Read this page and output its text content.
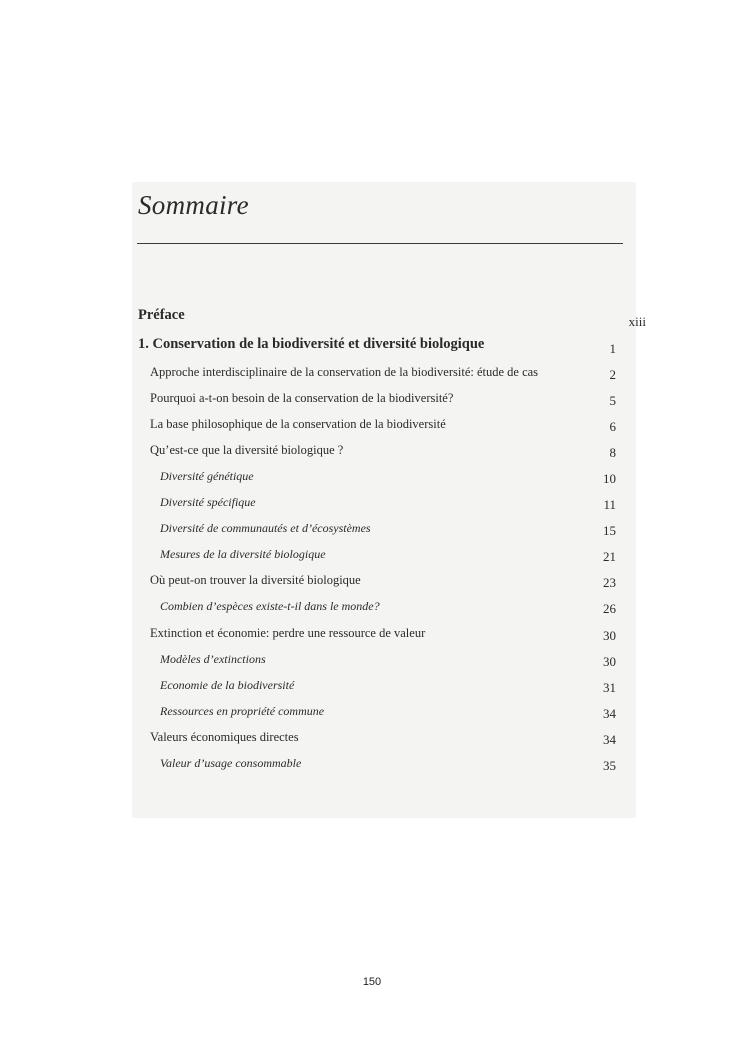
Sommaire
Préface	xiii
1. Conservation de la biodiversité et diversité biologique	1
Approche interdisciplinaire de la conservation de la biodiversité: étude de cas	2
Pourquoi a-t-on besoin de la conservation de la biodiversité?	5
La base philosophique de la conservation de la biodiversité	6
Qu’est-ce que la diversité biologique ?	8
Diversité génétique	10
Diversité spécifique	11
Diversité de communautés et d’écosystèmes	15
Mesures de la diversité biologique	21
Où peut-on trouver la diversité biologique	23
Combien d’espèces existe-t-il dans le monde?	26
Extinction et économie: perdre une ressource de valeur	30
Modèles d’extinctions	30
Economie de la biodiversité	31
Ressources en propriété commune	34
Valeurs économiques directes	34
Valeur d’usage consommable	35
150
